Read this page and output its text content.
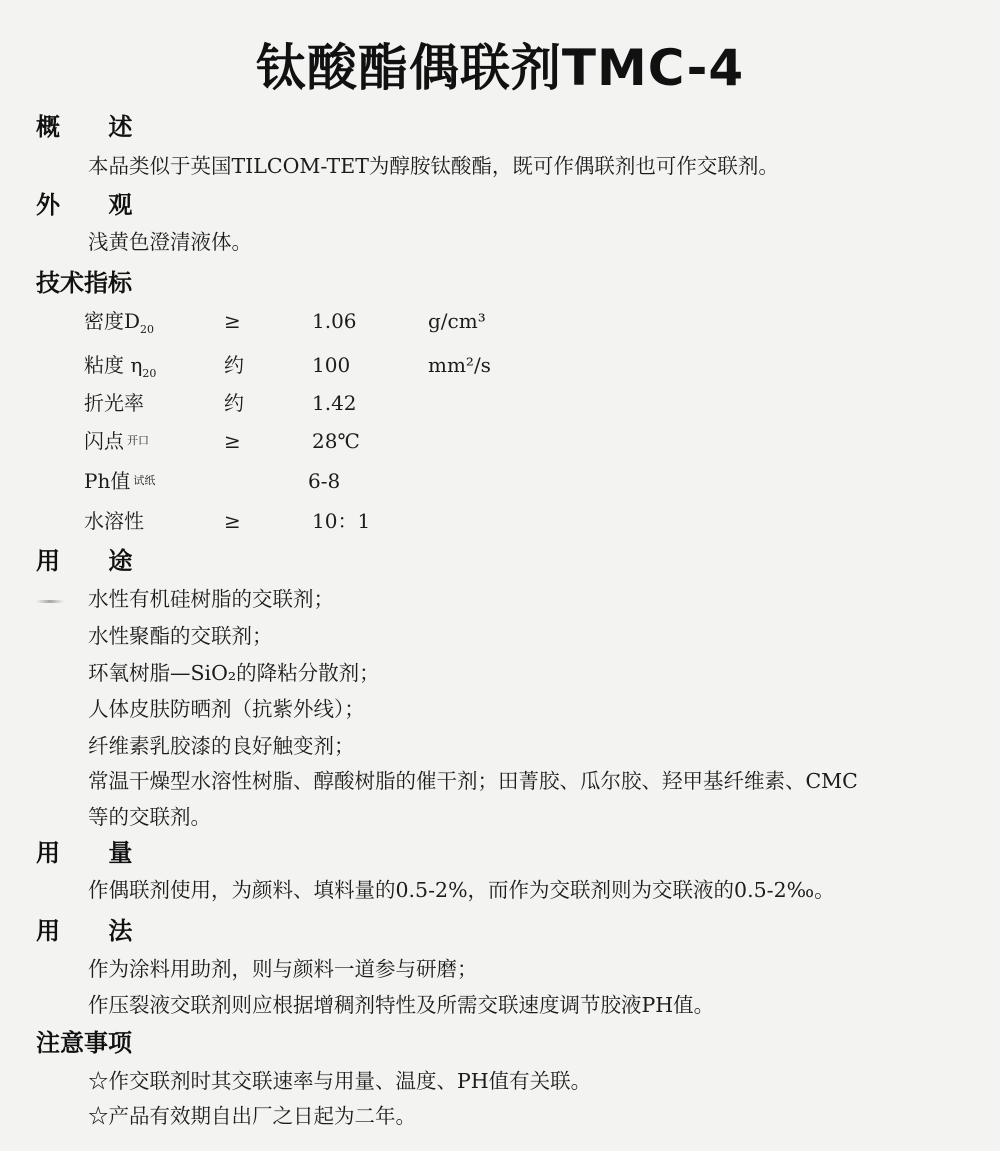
钛酸酯偶联剂TMC-4
概 述
本品类似于英国TILCOM-TET为醇胺钛酸酯，既可作偶联剂也可作交联剂。
外 观
浅黄色澄清液体。
技术指标
密度$D_{20}$	≥	1.06	g/cm³
粘度 $\eta_{20}$	约	100	mm²/s
折光率	约	1.42
闪点 开口	≥	28℃
Ph值 试纸	6-8
水溶性	≥	10：1
用 途
水性有机硅树脂的交联剂；
水性聚酯的交联剂；
环氧树脂—SiO₂的降粘分散剂；
人体皮肤防晒剂（抗紫外线）；
纤维素乳胶漆的良好触变剂；
常温干燥型水溶性树脂、醇酸树脂的催干剂；田菁胶、瓜尔胶、羟甲基纤维素、CMC
等的交联剂。
用 量
作偶联剂使用，为颜料、填料量的0.5-2%，而作为交联剂则为交联液的0.5-2‰。
用 法
作为涂料用助剂，则与颜料一道参与研磨；
作压裂液交联剂则应根据增稠剂特性及所需交联速度调节胶液PH值。
注意事项
☆作交联剂时其交联速率与用量、温度、PH值有关联。
☆产品有效期自出厂之日起为二年。
